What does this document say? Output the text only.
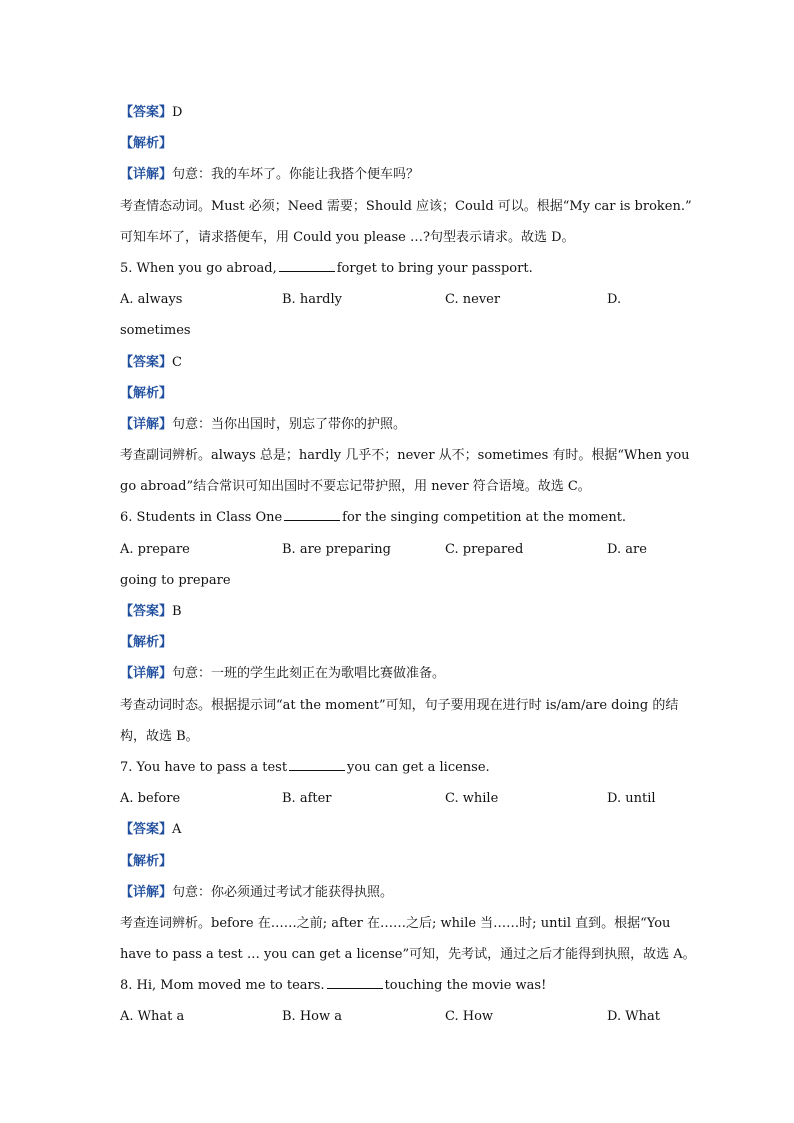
【答案】D
【解析】
【详解】句意：我的车坏了。你能让我搭个便车吗？
考查情态动词。Must 必须；Need 需要；Should 应该；Could 可以。根据“My car is broken.”
可知车坏了，请求搭便车，用 Could you please …?句型表示请求。故选 D。
5. When you go abroad,	forget to bring your passport.
A. always	B. hardly	C. never	D.
sometimes
【答案】C
【解析】
【详解】句意：当你出国时，别忘了带你的护照。
考查副词辨析。always 总是；hardly 几乎不；never 从不；sometimes 有时。根据“When you
go abroad”结合常识可知出国时不要忘记带护照，用 never 符合语境。故选 C。
6. Students in Class One	for the singing competition at the moment.
A. prepare	B. are preparing	C. prepared	D. are
going to prepare
【答案】B
【解析】
【详解】句意：一班的学生此刻正在为歌唱比赛做准备。
考查动词时态。根据提示词“at the moment”可知，句子要用现在进行时 is/am/are doing 的结
构，故选 B。
7. You have to pass a test	you can get a license.
A. before	B. after	C. while	D. until
【答案】A
【解析】
【详解】句意：你必须通过考试才能获得执照。
考查连词辨析。before 在……之前; after 在……之后; while 当……时; until 直到。根据“You
have to pass a test … you can get a license”可知，先考试，通过之后才能得到执照，故选 A。
8. Hi, Mom moved me to tears.	touching the movie was!
A. What a	B. How a	C. How	D. What
